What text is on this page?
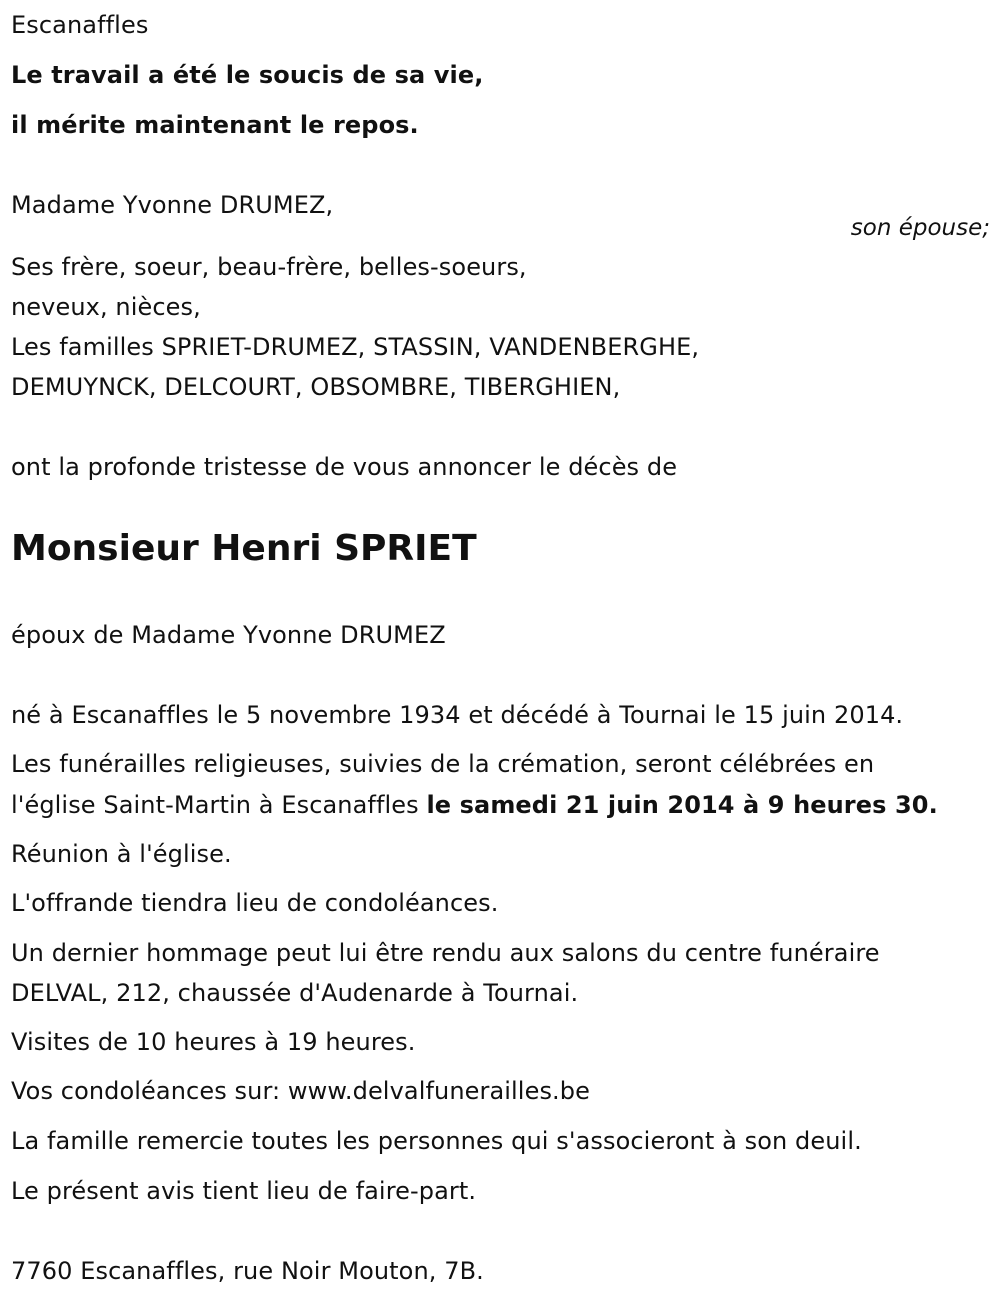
Escanaffles

Le travail a été le soucis de sa vie,

il mérite maintenant le repos.

Madame Yvonne DRUMEZ,

son épouse;

Ses frère, soeur, beau-frère, belles-soeurs,

neveux, nièces,

Les familles SPRIET-DRUMEZ, STASSIN, VANDENBERGHE,

DEMUYNCK, DELCOURT, OBSOMBRE, TIBERGHIEN,

ont la profonde tristesse de vous annoncer le décès de

Monsieur Henri SPRIET

époux de Madame Yvonne DRUMEZ

né à Escanaffles le 5 novembre 1934 et décédé à Tournai le 15 juin 2014.

Les funérailles religieuses, suivies de la crémation, seront célébrées en

l'église Saint-Martin à Escanaffles le samedi 21 juin 2014 à 9 heures 30.

Réunion à l'église.

L'offrande tiendra lieu de condoléances.

Un dernier hommage peut lui être rendu aux salons du centre funéraire

DELVAL, 212, chaussée d'Audenarde à Tournai.

Visites de 10 heures à 19 heures.

Vos condoléances sur: www.delvalfunerailles.be

La famille remercie toutes les personnes qui s'associeront à son deuil.

Le présent avis tient lieu de faire-part.

7760 Escanaffles, rue Noir Mouton, 7B.
